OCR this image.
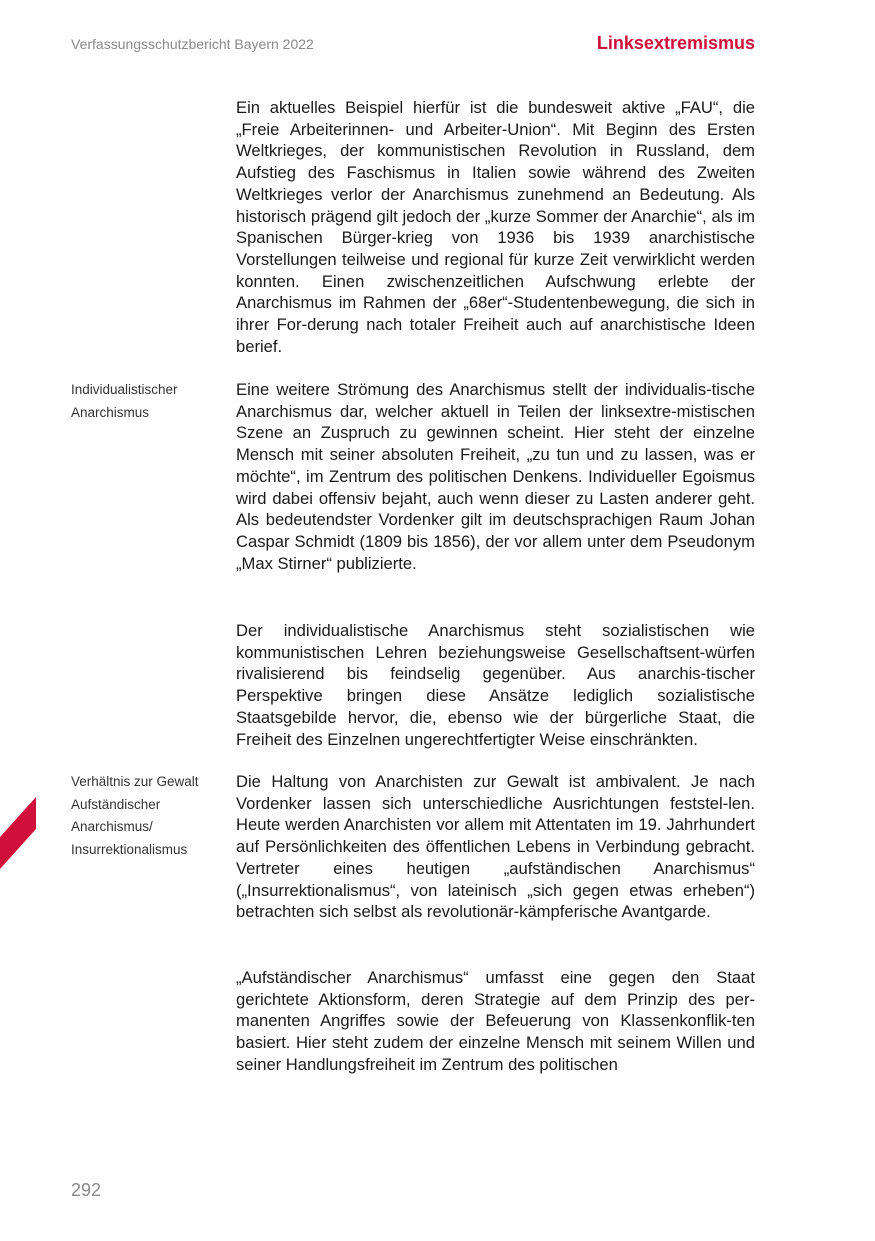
Verfassungsschutzbericht Bayern 2022	Linksextremismus

Ein aktuelles Beispiel hierfür ist die bundesweit aktive „FAU“, die „Freie Arbeiterinnen- und Arbeiter-Union“. Mit Beginn des Ersten Weltkrieges, der kommunistischen Revolution in Russland, dem Aufstieg des Faschismus in Italien sowie während des Zweiten Weltkrieges verlor der Anarchismus zunehmend an Bedeutung. Als historisch prägend gilt jedoch der „kurze Sommer der Anarchie“, als im Spanischen Bürger-krieg von 1936 bis 1939 anarchistische Vorstellungen teilweise und regional für kurze Zeit verwirklicht werden konnten. Einen zwischenzeitlichen Aufschwung erlebte der Anarchismus im Rahmen der „68er“-Studentenbewegung, die sich in ihrer For-derung nach totaler Freiheit auch auf anarchistische Ideen berief.

Individualistischer
Anarchismus

Eine weitere Strömung des Anarchismus stellt der individualis-tische Anarchismus dar, welcher aktuell in Teilen der linksextre-mistischen Szene an Zuspruch zu gewinnen scheint. Hier steht der einzelne Mensch mit seiner absoluten Freiheit, „zu tun und zu lassen, was er möchte“, im Zentrum des politischen Denkens. Individueller Egoismus wird dabei offensiv bejaht, auch wenn dieser zu Lasten anderer geht. Als bedeutendster Vordenker gilt im deutschsprachigen Raum Johan Caspar Schmidt (1809 bis 1856), der vor allem unter dem Pseudonym „Max Stirner“ publizierte.

Der individualistische Anarchismus steht sozialistischen wie kommunistischen Lehren beziehungsweise Gesellschaftsent-würfen rivalisierend bis feindselig gegenüber. Aus anarchis-tischer Perspektive bringen diese Ansätze lediglich sozialistische Staatsgebilde hervor, die, ebenso wie der bürgerliche Staat, die Freiheit des Einzelnen ungerechtfertigter Weise einschränkten.

Verhältnis zur Gewalt
Aufständischer
Anarchismus/
Insurrektionalismus

Die Haltung von Anarchisten zur Gewalt ist ambivalent. Je nach Vordenker lassen sich unterschiedliche Ausrichtungen feststel-len. Heute werden Anarchisten vor allem mit Attentaten im 19. Jahrhundert auf Persönlichkeiten des öffentlichen Lebens in Verbindung gebracht. Vertreter eines heutigen „aufständischen Anarchismus“ („Insurrektionalismus“, von lateinisch „sich gegen etwas erheben“) betrachten sich selbst als revolutionär-kämpferische Avantgarde.

„Aufständischer Anarchismus“ umfasst eine gegen den Staat gerichtete Aktionsform, deren Strategie auf dem Prinzip des per-manenten Angriffes sowie der Befeuerung von Klassenkonflik-ten basiert. Hier steht zudem der einzelne Mensch mit seinem Willen und seiner Handlungsfreiheit im Zentrum des politischen

292
